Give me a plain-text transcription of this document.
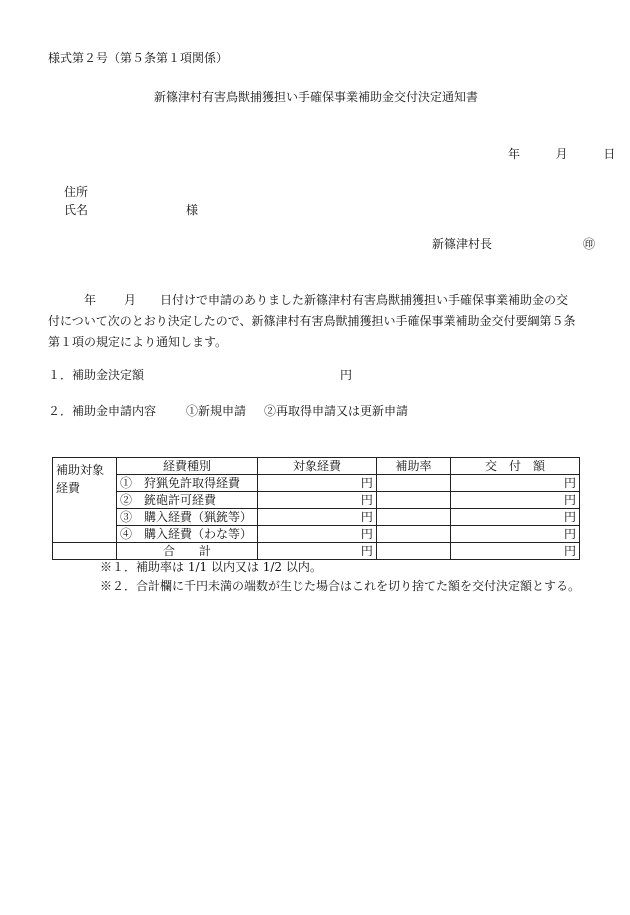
様式第２号（第５条第１項関係）
新篠津村有害鳥獣捕獲担い手確保事業補助金交付決定通知書
年	月	日
住所
氏名	様
新篠津村長	㊞
年 月 日付けで申請のありました新篠津村有害鳥獣捕獲担い手確保事業補助金の交
付について次のとおり決定したので、新篠津村有害鳥獣捕獲担い手確保事業補助金交付要綱第５条
第１項の規定により通知します。
１．補助金決定額	円
２．補助金申請内容 ①新規申請 ②再取得申請又は更新申請
補助対象
経費	経費種別	対象経費	補助率	交　付　額
	①　狩猟免許取得経費	円		円
	②　銃砲許可経費	円		円
	③　購入経費（猟銃等）	円		円
	④　購入経費（わな等）	円		円
	合　　計	円		円
※１．補助率は 1/1 以内又は 1/2 以内。
※２．合計欄に千円未満の端数が生じた場合はこれを切り捨てた額を交付決定額とする。
